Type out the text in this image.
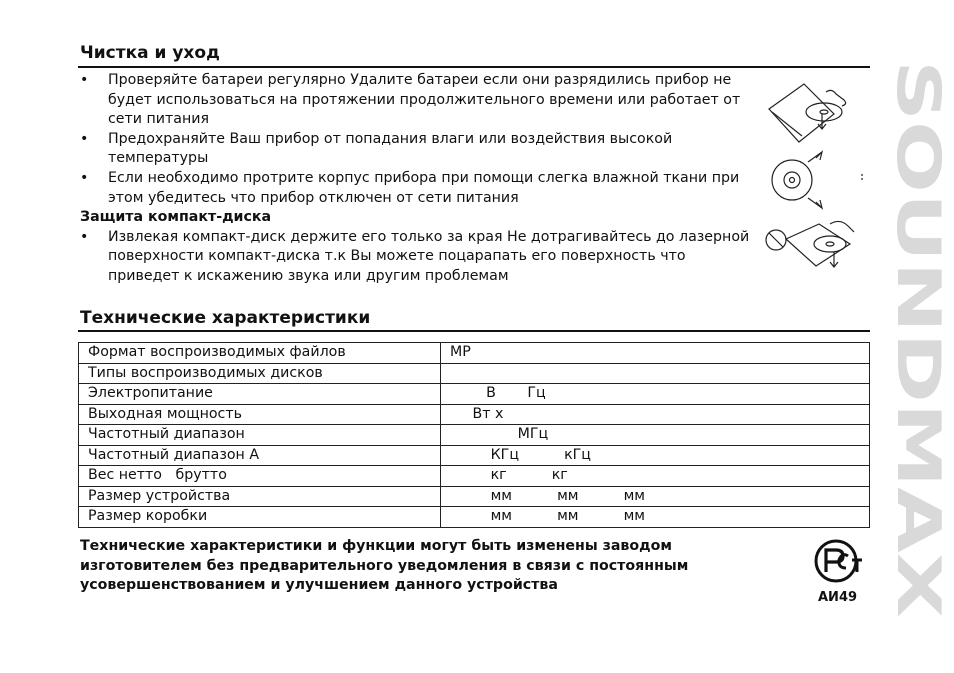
Чистка и уход
• Проверяйте батареи регулярно Удалите батареи если они разрядились прибор не будет использоваться на протяжении продолжительного времени или работает от сети питания
• Предохраняйте Ваш прибор от попадания влаги или воздействия высокой температуры
• Если необходимо протрите корпус прибора при помощи слегка влажной ткани при этом убедитесь что прибор отключен от сети питания
Защита компакт-диска
• Извлекая компакт-диск держите его только за края Не дотрагивайтесь до лазерной поверхности компакт-диска т.к Вы можете поцарапать его поверхность что приведет к искажению звука или другим проблемам
Технические характеристики
Формат воспроизводимых файлов	MP
Типы воспроизводимых дисков	
Электропитание	В       Гц
Выходная мощность	Вт х
Частотный диапазон	МГц
Частотный диапазон А	КГц          кГц
Вес нетто   брутто	кг          кг
Размер устройства	мм          мм          мм
Размер коробки	мм          мм          мм
Технические характеристики и функции могут быть изменены заводом изготовителем без предварительного уведомления в связи с постоянным усовершенствованием и улучшением данного устройства
АИ49
SOUNDMAX
